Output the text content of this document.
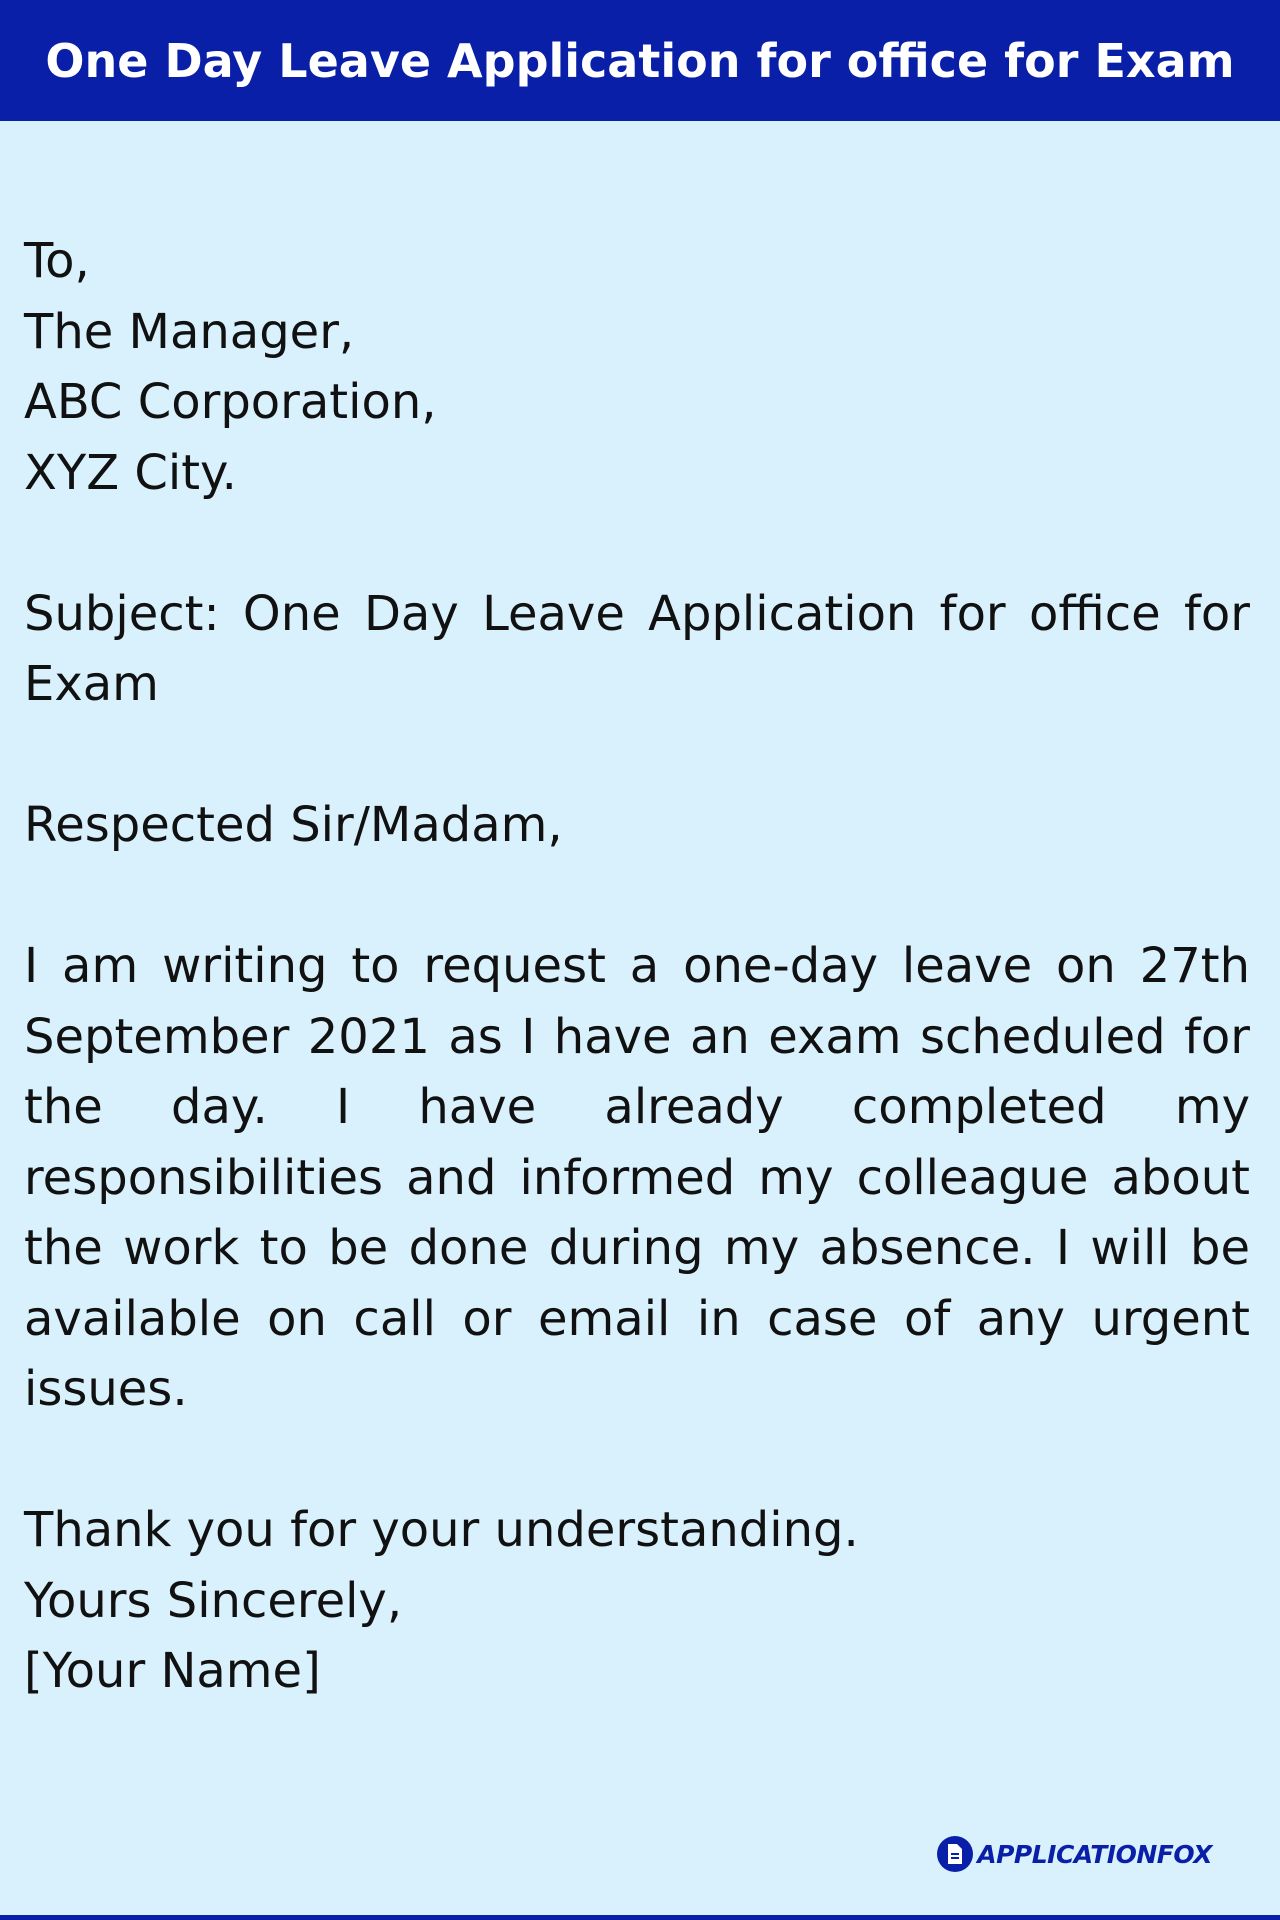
One Day Leave Application for office for Exam
To,
The Manager,
ABC Corporation,
XYZ City.
Subject: One Day Leave Application for office for Exam
Respected Sir/Madam,
I am writing to request a one-day leave on 27th September 2021 as I have an exam scheduled for the day. I have already completed my responsibilities and informed my colleague about the work to be done during my absence. I will be available on call or email in case of any urgent issues.
Thank you for your understanding.
Yours Sincerely,
[Your Name]
APPLICATIONFOX
